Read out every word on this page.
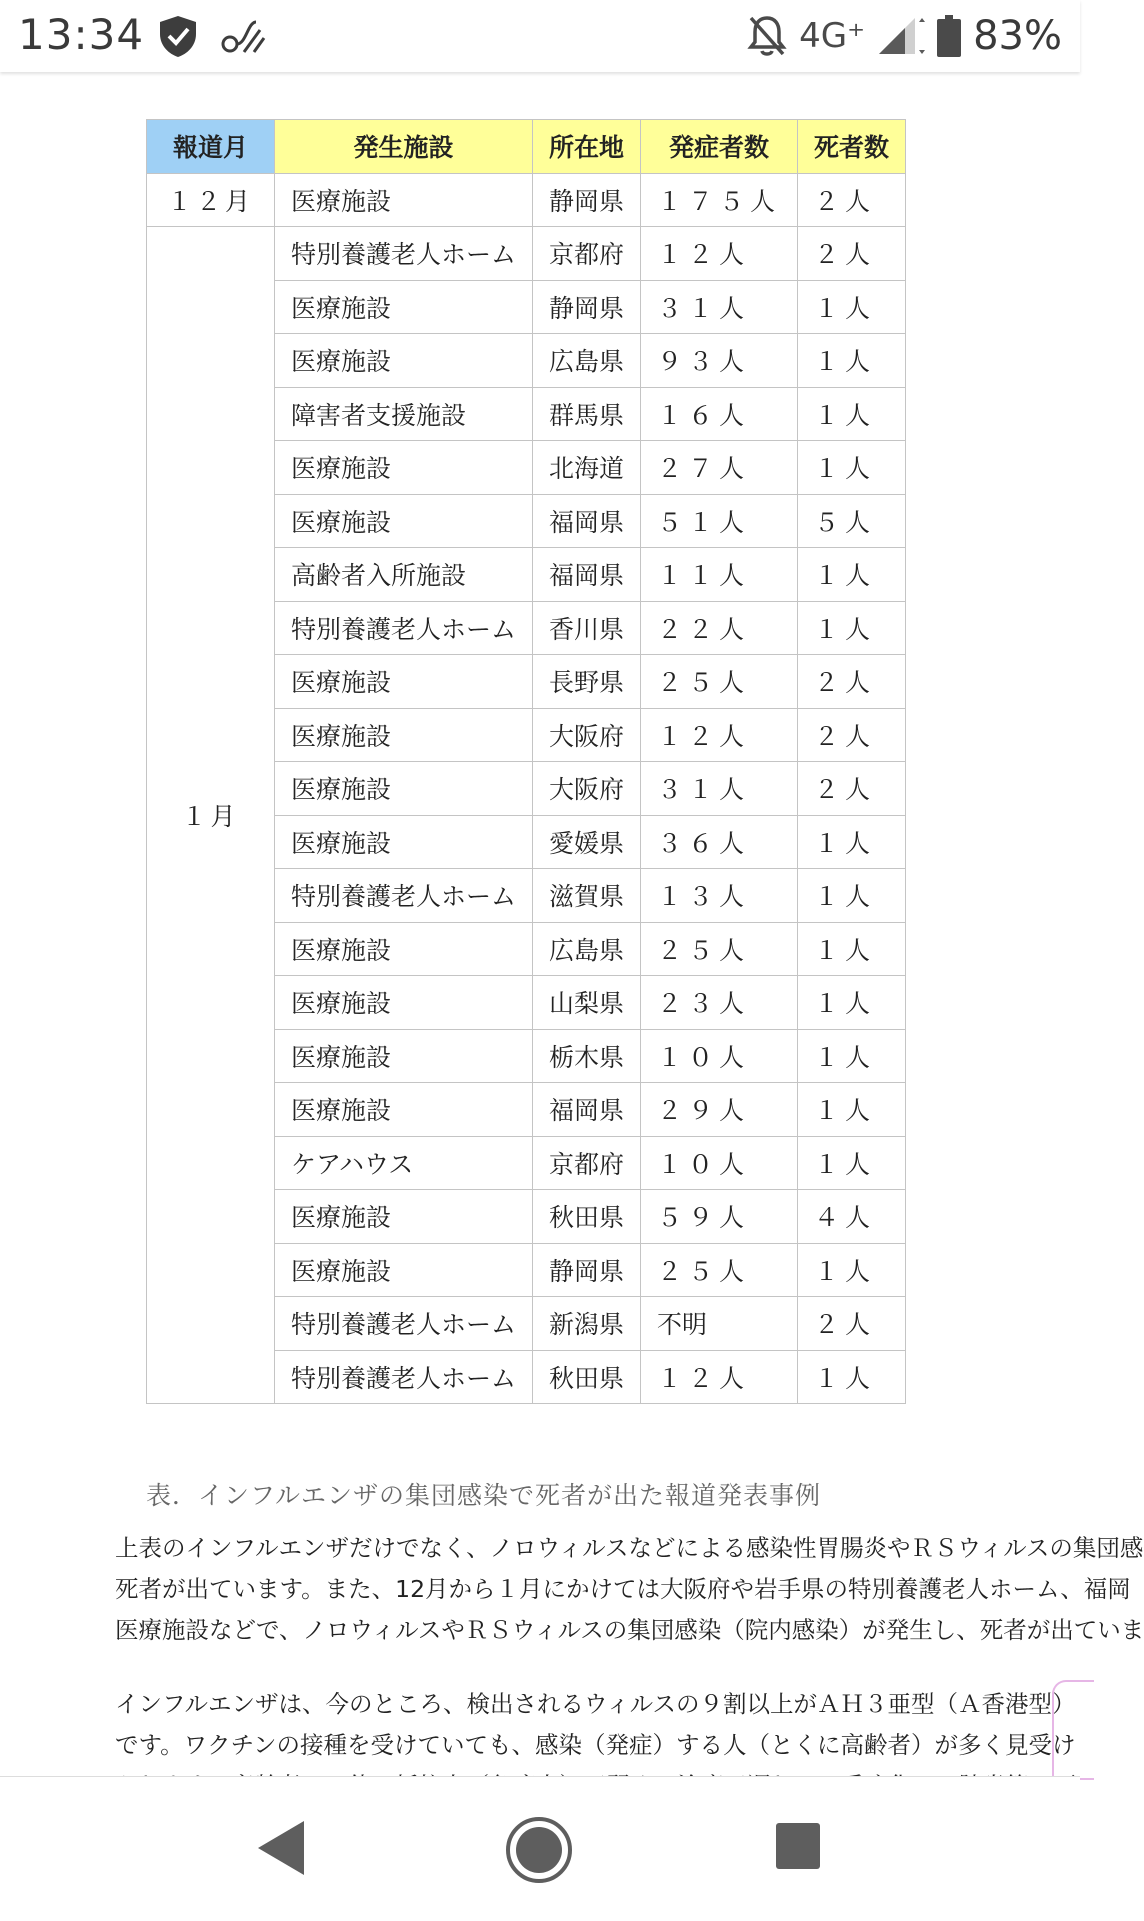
13:34	4G⁺	83%
報道月	発生施設	所在地	発症者数	死者数
１２月	医療施設	静岡県	１７５人	２人
１月	特別養護老人ホーム	京都府	１２人	２人
	医療施設	静岡県	３１人	１人
	医療施設	広島県	９３人	１人
	障害者支援施設	群馬県	１６人	１人
	医療施設	北海道	２７人	１人
	医療施設	福岡県	５１人	５人
	高齢者入所施設	福岡県	１１人	１人
	特別養護老人ホーム	香川県	２２人	１人
	医療施設	長野県	２５人	２人
	医療施設	大阪府	１２人	２人
	医療施設	大阪府	３１人	２人
	医療施設	愛媛県	３６人	１人
	特別養護老人ホーム	滋賀県	１３人	１人
	医療施設	広島県	２５人	１人
	医療施設	山梨県	２３人	１人
	医療施設	栃木県	１０人	１人
	医療施設	福岡県	２９人	１人
	ケアハウス	京都府	１０人	１人
	医療施設	秋田県	５９人	４人
	医療施設	静岡県	２５人	１人
	特別養護老人ホーム	新潟県	不明	２人
	特別養護老人ホーム	秋田県	１２人	１人
表．インフルエンザの集団感染で死者が出た報道発表事例
上表のインフルエンザだけでなく、ノロウィルスなどによる感染性胃腸炎やＲＳウィルスの集団感
死者が出ています。また、12月から１月にかけては大阪府や岩手県の特別養護老人ホーム、福岡
医療施設などで、ノロウィルスやＲＳウィルスの集団感染（院内感染）が発生し、死者が出ていま
インフルエンザは、今のところ、検出されるウィルスの９割以上がＡＨ３亜型（Ａ香港型）
です。ワクチンの接種を受けていても、感染（発症）する人（とくに高齢者）が多く見受け
